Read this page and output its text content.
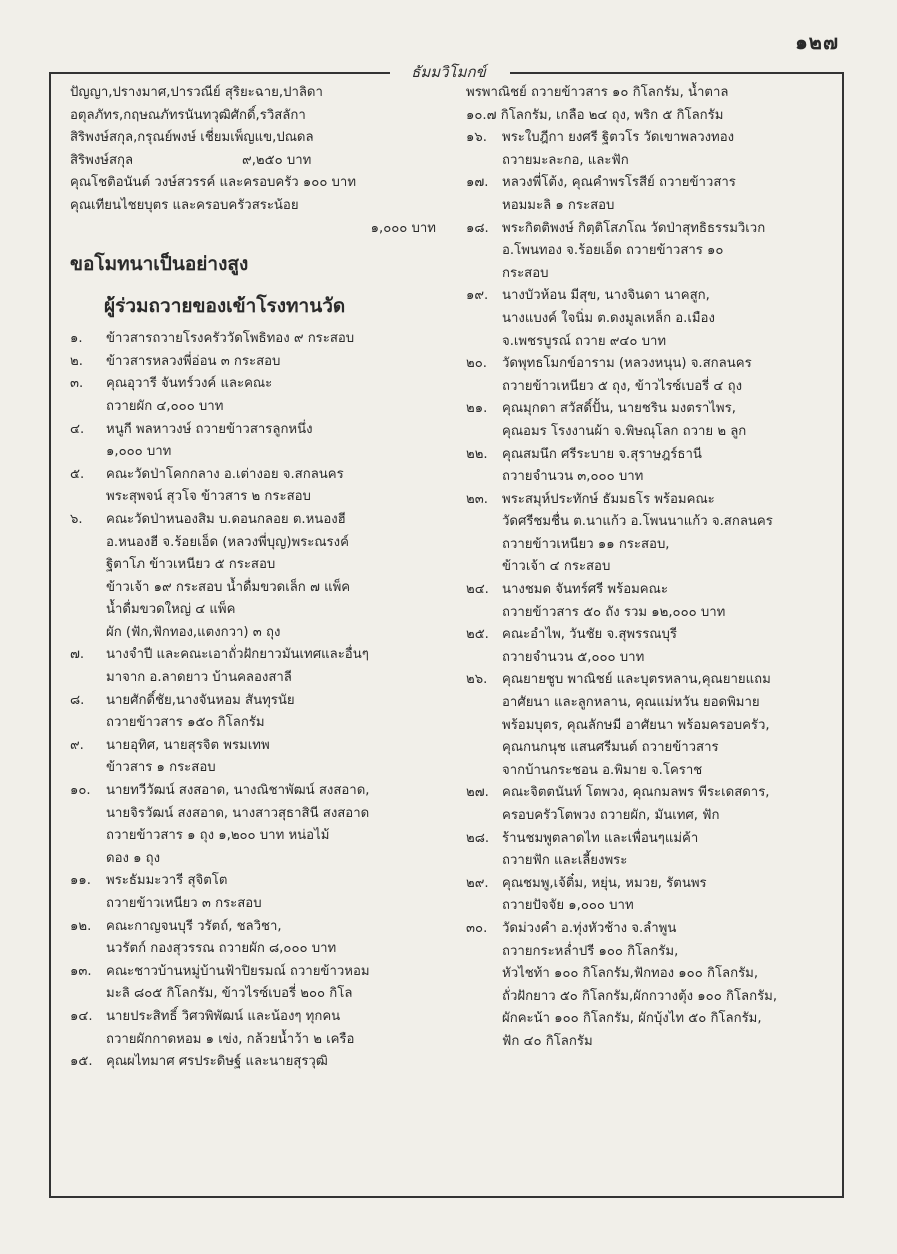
๑๒๗
ธัมมวิโมกข์
ปัญญา,ปรางมาศ,ปารวณีย์ สุริยะฉาย,ปาลิดา
อตุลภัทร,กฤษณภัทรนันทวุฒิศักดิ์,รวิสลักา
สิริพงษ์สกุล,กรุณย์พงษ์ เชี่ยมเพ็ญแข,ปณดล
สิริพงษ์สกุล                          ๙,๒๕๐ บาท
คุณโชติอนันต์ วงษ์สวรรค์ และครอบครัว ๑๐๐ บาท
คุณเทียนไชยบุตร และครอบครัวสระน้อย
๑,๐๐๐ บาท
ขอโมทนาเป็นอย่างสูง
ผู้ร่วมถวายของเข้าโรงทานวัด
๑. ข้าวสารถวายโรงครัววัดโพธิทอง ๙ กระสอบ
๒. ข้าวสารหลวงพี่อ่อน ๓ กระสอบ
๓. คุณอุวารี จันทร์วงค์ และคณะ
ถวายผัก ๔,๐๐๐ บาท
๔. หนูกี พลหาวงษ์ ถวายข้าวสารลูกหนึ่ง
๑,๐๐๐ บาท
๕. คณะวัดป่าโคกกลาง อ.เต่างอย จ.สกลนคร
พระสุพจน์ สุวโจ ข้าวสาร ๒ กระสอบ
๖. คณะวัดป่าหนองสิม บ.ดอนกลอย ต.หนองฮี
อ.หนองฮี จ.ร้อยเอ็ด (หลวงพี่บุญ)พระณรงค์
ฐิตาโภ ข้าวเหนียว ๕ กระสอบ
ข้าวเจ้า ๑๙ กระสอบ น้ำดื่มขวดเล็ก ๗ แพ็ค
น้ำดื่มขวดใหญ่ ๔ แพ็ค
ผัก (ฟัก,ฟักทอง,แตงกวา) ๓ ถุง
๗. นางจำปี และคณะเอาถั่วฝักยาวมันเทศและอื่นๆ
มาจาก อ.ลาดยาว บ้านคลองสาลี
๘. นายศักดิ์ชัย,นางจันหอม สันทุรนัย
ถวายข้าวสาร ๑๕๐ กิโลกรัม
๙. นายอุทิศ, นายสุรจิต พรมเทพ
ข้าวสาร ๑ กระสอบ
๑๐. นายทวีวัฒน์ สงสอาด, นางณิชาพัฒน์ สงสอาด,
นายจิรวัฒน์ สงสอาด, นางสาวสุธาสินี สงสอาด
ถวายข้าวสาร ๑ ถุง ๑,๒๐๐ บาท หน่อไม้
ดอง ๑ ถุง
๑๑. พระธัมมะวารี สุจิตโต
ถวายข้าวเหนียว ๓ กระสอบ
๑๒. คณะกาญจนบุรี วรัตถ์, ชลวิชา,
นวรัตก์ กองสุวรรณ ถวายผัก ๘,๐๐๐ บาท
๑๓. คณะชาวบ้านหมู่บ้านฟ้าปิยรมณ์ ถวายข้าวหอม
มะลิ ๘๐๕ กิโลกรัม, ข้าวไรซ์เบอรี่ ๒๐๐ กิโล
๑๔. นายประสิทธิ์ วิศวพิพัฒน์ และน้องๆ ทุกคน
ถวายผักกาดหอม ๑ เข่ง, กล้วยน้ำว้า ๒ เครือ
๑๕. คุณผไทมาศ ศรประดิษฐ์ และนายสุรวุฒิ
พรพาณิชย์ ถวายข้าวสาร ๑๐ กิโลกรัม, น้ำตาล
๑๐.๗ กิโลกรัม, เกลือ ๒๔ ถุง, พริก ๕ กิโลกรัม
๑๖. พระใบฎีกา ยงศรี ฐิตวโร วัดเขาพลวงทอง
ถวายมะละกอ, และฟัก
๑๗. หลวงพี่โต้ง, คุณคำพรโรสีย์ ถวายข้าวสาร
หอมมะลิ ๑ กระสอบ
๑๘. พระกิตติพงษ์ กิตฺติโสภโณ วัดป่าสุทธิธรรมวิเวก
อ.โพนทอง จ.ร้อยเอ็ด ถวายข้าวสาร ๑๐
กระสอบ
๑๙. นางบัวห้อน มีสุข, นางจินดา นาคสูก,
นางแบงค์ ใจนิ่ม ต.ดงมูลเหล็ก อ.เมือง
จ.เพชรบูรณ์ ถวาย ๙๔๐ บาท
๒๐. วัดพุทธโมกข์อาราม (หลวงหนุน) จ.สกลนคร
ถวายข้าวเหนียว ๕ ถุง, ข้าวไรซ์เบอรี่ ๔ ถุง
๒๑. คุณมุกดา สวัสดิ์ปั้น, นายชริน มงตราไพร,
คุณอมร โรงงานผ้า จ.พิษณุโลก ถวาย ๒ ลูก
๒๒. คุณสมนึก ศรีระบาย จ.สุราษฎร์ธานี
ถวายจำนวน ๓,๐๐๐ บาท
๒๓. พระสมุห์ประทักษ์ ธัมมธโร พร้อมคณะ
วัดศรีชมชื่น ต.นาแก้ว อ.โพนนาแก้ว จ.สกลนคร
ถวายข้าวเหนียว ๑๑ กระสอบ,
ข้าวเจ้า ๔ กระสอบ
๒๔. นางชมด จันทร์ศรี พร้อมคณะ
ถวายข้าวสาร ๕๐ ถัง รวม ๑๒,๐๐๐ บาท
๒๕. คณะอำไพ, วันชัย จ.สุพรรณบุรี
ถวายจำนวน ๕,๐๐๐ บาท
๒๖. คุณยายชูบ พาณิชย์ และบุตรหลาน,คุณยายแถม
อาศัยนา และลูกหลาน, คุณแม่หวัน ยอดพิมาย
พร้อมบุตร, คุณลักษมี อาศัยนา พร้อมครอบครัว,
คุณกนกนุช แสนศรีมนต์ ถวายข้าวสาร
จากบ้านกระชอน อ.พิมาย จ.โคราช
๒๗. คณะจิตตนันท์ โตพวง, คุณกมลพร พีระเดสดาร,
ครอบครัวโตพวง ถวายผัก, มันเทศ, ฟัก
๒๘. ร้านชมพูตลาดไท และเพื่อนๆแม่ค้า
ถวายฟัก และเลี้ยงพระ
๒๙. คุณชมพู,เจ้ติ๋ม, หยุ่น, หมวย, รัตนพร
ถวายปัจจัย ๑,๐๐๐ บาท
๓๐. วัดม่วงคำ อ.ทุ่งหัวช้าง จ.ลำพูน
ถวายกระหล่ำปรี ๑๐๐ กิโลกรัม,
หัวไชท้า ๑๐๐ กิโลกรัม,ฟักทอง ๑๐๐ กิโลกรัม,
ถั่วฝักยาว ๕๐ กิโลกรัม,ผักกวางตุ้ง ๑๐๐ กิโลกรัม,
ผักคะน้า ๑๐๐ กิโลกรัม, ผักบุ้งไท ๕๐ กิโลกรัม,
ฟัก ๔๐ กิโลกรัม
